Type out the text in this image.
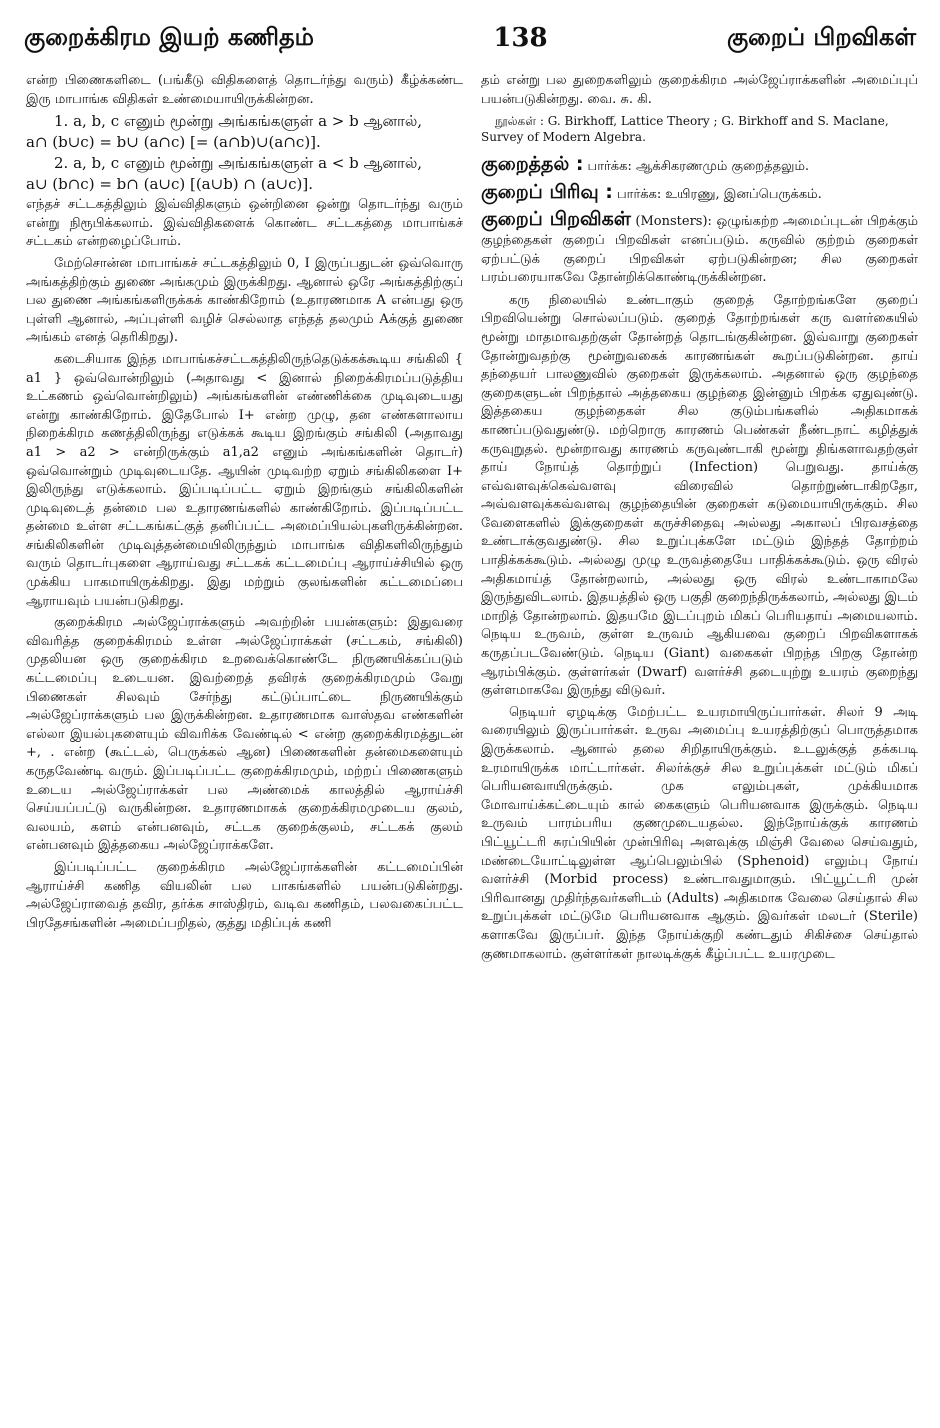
குறைக்கிரம இயற் கணிதம்	138	குறைப் பிறவிகள்

என்ற பிணைகளிடை (பங்கீடு விதிகளைத் தொடர்ந்து வரும்) கீழ்க்கண்ட இரு மாபாங்க விதிகள் உண்மையாயிருக்கின்றன.

1. a, b, c எனும் மூன்று அங்கங்களுள் a > b ஆனால்,

a∩ (b∪c) = b∪ (a∩c) [= (a∩b)∪(a∩c)].

2. a, b, c எனும் மூன்று அங்கங்களுள் a < b ஆனால்,

a∪ (b∩c) = b∩ (a∪c) [(a∪b) ∩ (a∪c)].

எந்தச் சட்டகத்திலும் இவ்விதிகளும் ஒன்றினை ஒன்று தொடர்ந்து வரும் என்று நிரூபிக்கலாம். இவ்விதிகளைக் கொண்ட சட்டகத்தை மாபாங்கச் சட்டகம் என்றழைப்போம்.

மேற்சொன்ன மாபாங்கச் சட்டகத்திலும் 0, I இருப்பதுடன் ஒவ்வொரு அங்கத்திற்கும் துணை அங்கமும் இருக்கிறது. ஆனால் ஒரே அங்கத்திற்குப் பல துணை அங்கங்களிருக்கக் காண்கிறோம் (உதாரணமாக A என்பது ஒரு புள்ளி ஆனால், அப்புள்ளி வழிச் செல்லாத எந்தத் தலமும் Aக்குத் துணை அங்கம் எனத் தெரிகிறது).

கடைசியாக இந்த மாபாங்கச்சட்டகத்திலிருந்தெடுக்கக்கூடிய சங்கிலி { a1 } ஒவ்வொன்றிலும் (அதாவது < இனால் நிறைக்கிரமப்படுத்திய உட்கணம் ஒவ்வொன்றிலும்) அங்கங்களின் எண்ணிக்கை முடிவுடையது என்று காண்கிறோம். இதேபோல் I+ என்ற முழு, தன எண்களாலாய நிறைக்கிரம கணத்திலிருந்து எடுக்கக் கூடிய இறங்கும் சங்கிலி (அதாவது a1 > a2 > என்றிருக்கும் a1,a2 எனும் அங்கங்களின் தொடர்) ஒவ்வொன்றும் முடிவுடையதே. ஆயின் முடிவற்ற ஏறும் சங்கிலிகளை I+ இலிருந்து எடுக்கலாம். இப்படிப்பட்ட ஏறும் இறங்கும் சங்கிலிகளின் முடிவுடைத் தன்மை பல உதாரணங்களில் காண்கிறோம். இப்படிப்பட்ட தன்மை உள்ள சட்டகங்கட்குத் தனிப்பட்ட அமைப்பியல்புகளிருக்கின்றன. சங்கிலிகளின் முடிவுத்தன்மையிலிருந்தும் மாபாங்க விதிகளிலிருந்தும் வரும் தொடர்புகளை ஆராய்வது சட்டகக் கட்டமைப்பு ஆராய்ச்சியில் ஒரு முக்கிய பாகமாயிருக்கிறது. இது மற்றும் குலங்களின் கட்டமைப்பை ஆராயவும் பயன்படுகிறது.

குறைக்கிரம அல்ஜேப்ராக்களும் அவற்றின் பயன்களும்: இதுவரை விவரித்த குறைக்கிரமம் உள்ள அல்ஜேப்ராக்கள் (சட்டகம், சங்கிலி) முதலியன ஒரு குறைக்கிரம உறவைக்கொண்டே நிருணயிக்கப்படும் கட்டமைப்பு உடையன. இவற்றைத் தவிரக் குறைக்கிரமமும் வேறு பிணைகள் சிலவும் சேர்ந்து கட்டுப்பாட்டை நிருணயிக்கும் அல்ஜேப்ராக்களும் பல இருக்கின்றன. உதாரணமாக வாஸ்தவ எண்களின் எல்லா இயல்புகளையும் விவரிக்க வேண்டில் < என்ற குறைக்கிரமத்துடன் +, . என்ற (கூட்டல், பெருக்கல் ஆன) பிணைகளின் தன்மைகளையும் கருதவேண்டி வரும். இப்படிப்பட்ட குறைக்கிரமமும், மற்றப் பிணைகளும் உடைய அல்ஜேப்ராக்கள் பல அண்மைக் காலத்தில் ஆராய்ச்சி செய்யப்பட்டு வருகின்றன. உதாரணமாகக் குறைக்கிரமமுடைய குலம், வலயம், களம் என்பனவும், சட்டக குறைக்குலம், சட்டகக் குலம் என்பனவும் இத்தகைய அல்ஜேப்ராக்களே.

இப்படிப்பட்ட குறைக்கிரம அல்ஜேப்ராக்களின் கட்டமைப்பின் ஆராய்ச்சி கணித வியலின் பல பாகங்களில் பயன்படுகின்றது. அல்ஜேப்ராவைத் தவிர, தர்க்க சாஸ்திரம், வடிவ கணிதம், பலவகைப்பட்ட பிரதேசங்களின் அமைப்பறிதல், குத்து மதிப்புக் கணி

தம் என்று பல துறைகளிலும் குறைக்கிரம அல்ஜேப்ராக்களின் அமைப்புப் பயன்படுகின்றது. வை. சு. கி.

நூல்கள் : G. Birkhoff, Lattice Theory ; G. Birkhoff and S. Maclane, Survey of Modern Algebra.

குறைத்தல் : பார்க்க: ஆக்சிகரணமும் குறைத்தலும்.

குறைப் பிரிவு : பார்க்க: உயிரணு, இனப்பெருக்கம்.

குறைப் பிறவிகள் (Monsters): ஒழுங்கற்ற அமைப்புடன் பிறக்கும் குழந்தைகள் குறைப் பிறவிகள் எனப்படும். கருவில் குற்றம் குறைகள் ஏற்பட்டுக் குறைப் பிறவிகள் ஏற்படுகின்றன; சில குறைகள் பரம்பரையாகவே தோன்றிக்கொண்டிருக்கின்றன.

கரு நிலையில் உண்டாகும் குறைத் தோற்றங்களே குறைப் பிறவியென்று சொல்லப்படும். குறைத் தோற்றங்கள் கரு வளர்கையில் மூன்று மாதமாவதற்குள் தோன்றத் தொடங்குகின்றன. இவ்வாறு குறைகள் தோன்றுவதற்கு மூன்றுவகைக் காரணங்கள் கூறப்படுகின்றன. தாய் தந்தையர் பாலணுவில் குறைகள் இருக்கலாம். அதனால் ஒரு குழந்தை குறைகளுடன் பிறந்தால் அத்தகைய குழந்தை இன்னும் பிறக்க ஏதுவுண்டு. இத்தகைய குழந்தைகள் சில குடும்பங்களில் அதிகமாகக் காணப்படுவதுண்டு. மற்றொரு காரணம் பெண்கள் நீண்டநாட் கழித்துக் கருவுறுதல். மூன்றாவது காரணம் கருவுண்டாகி மூன்று திங்களாவதற்குள் தாய் நோய்த் தொற்றுப் (Infection) பெறுவது. தாய்க்கு எவ்வளவுக்கெவ்வளவு விரைவில் தொற்றுண்டாகிறதோ, அவ்வளவுக்கவ்வளவு குழந்தையின் குறைகள் கடுமையாயிருக்கும். சில வேளைகளில் இக்குறைகள் கருச்சிதைவு அல்லது அகாலப் பிரவசத்தை உண்டாக்குவதுண்டு. சில உறுப்புக்களே மட்டும் இந்தத் தோற்றம் பாதிக்கக்கூடும். அல்லது முழு உருவத்தையே பாதிக்கக்கூடும். ஒரு விரல் அதிகமாய்த் தோன்றலாம், அல்லது ஒரு விரல் உண்டாகாமலே இருந்துவிடலாம். இதயத்தில் ஒரு பகுதி குறைந்திருக்கலாம், அல்லது இடம் மாறித் தோன்றலாம். இதயமே இடப்புறம் மிகப் பெரியதாய் அமையலாம். நெடிய உருவம், குள்ள உருவம் ஆகியவை குறைப் பிறவிகளாகக் கருதப்படவேண்டும். நெடிய (Giant) வகைகள் பிறந்த பிறகு தோன்ற ஆரம்பிக்கும். குள்ளர்கள் (Dwarf) வளர்ச்சி தடையுற்று உயரம் குறைந்து குள்ளமாகவே இருந்து விடுவர்.

நெடியர் ஏழடிக்கு மேற்பட்ட உயரமாயிருப்பார்கள். சிலர் 9 அடி வரையிலும் இருப்பார்கள். உருவ அமைப்பு உயரத்திற்குப் பொருத்தமாக இருக்கலாம். ஆனால் தலை சிறிதாயிருக்கும். உடலுக்குத் தக்கபடி உரமாயிருக்க மாட்டார்கள். சிலர்க்குச் சில உறுப்புக்கள் மட்டும் மிகப் பெரியனவாயிருக்கும். முக எலும்புகள், முக்கியமாக மோவாய்க்கட்டையும் கால் கைகளும் பெரியனவாக இருக்கும். நெடிய உருவம் பாரம்பரிய குணமுடையதல்ல. இந்நோய்க்குக் காரணம் பிட்யூட்டரி சுரப்பியின் முன்பிரிவு அளவுக்கு மிஞ்சி வேலை செய்வதும், மண்டையோட்டிலுள்ள ஆப்பெலும்பில் (Sphenoid) எலும்பு நோய் வளர்ச்சி (Morbid process) உண்டாவதுமாகும். பிட்யூட்டரி முன் பிரிவானது முதிர்ந்தவர்களிடம் (Adults) அதிகமாக வேலை செய்தால் சில உறுப்புக்கள் மட்டுமே பெரியனவாக ஆகும். இவர்கள் மலடர் (Sterile) களாகவே இருப்பர். இந்த நோய்க்குறி கண்டதும் சிகிச்சை செய்தால் குணமாகலாம். குள்ளர்கள் நாலடிக்குக் கீழ்ப்பட்ட உயரமுடை
